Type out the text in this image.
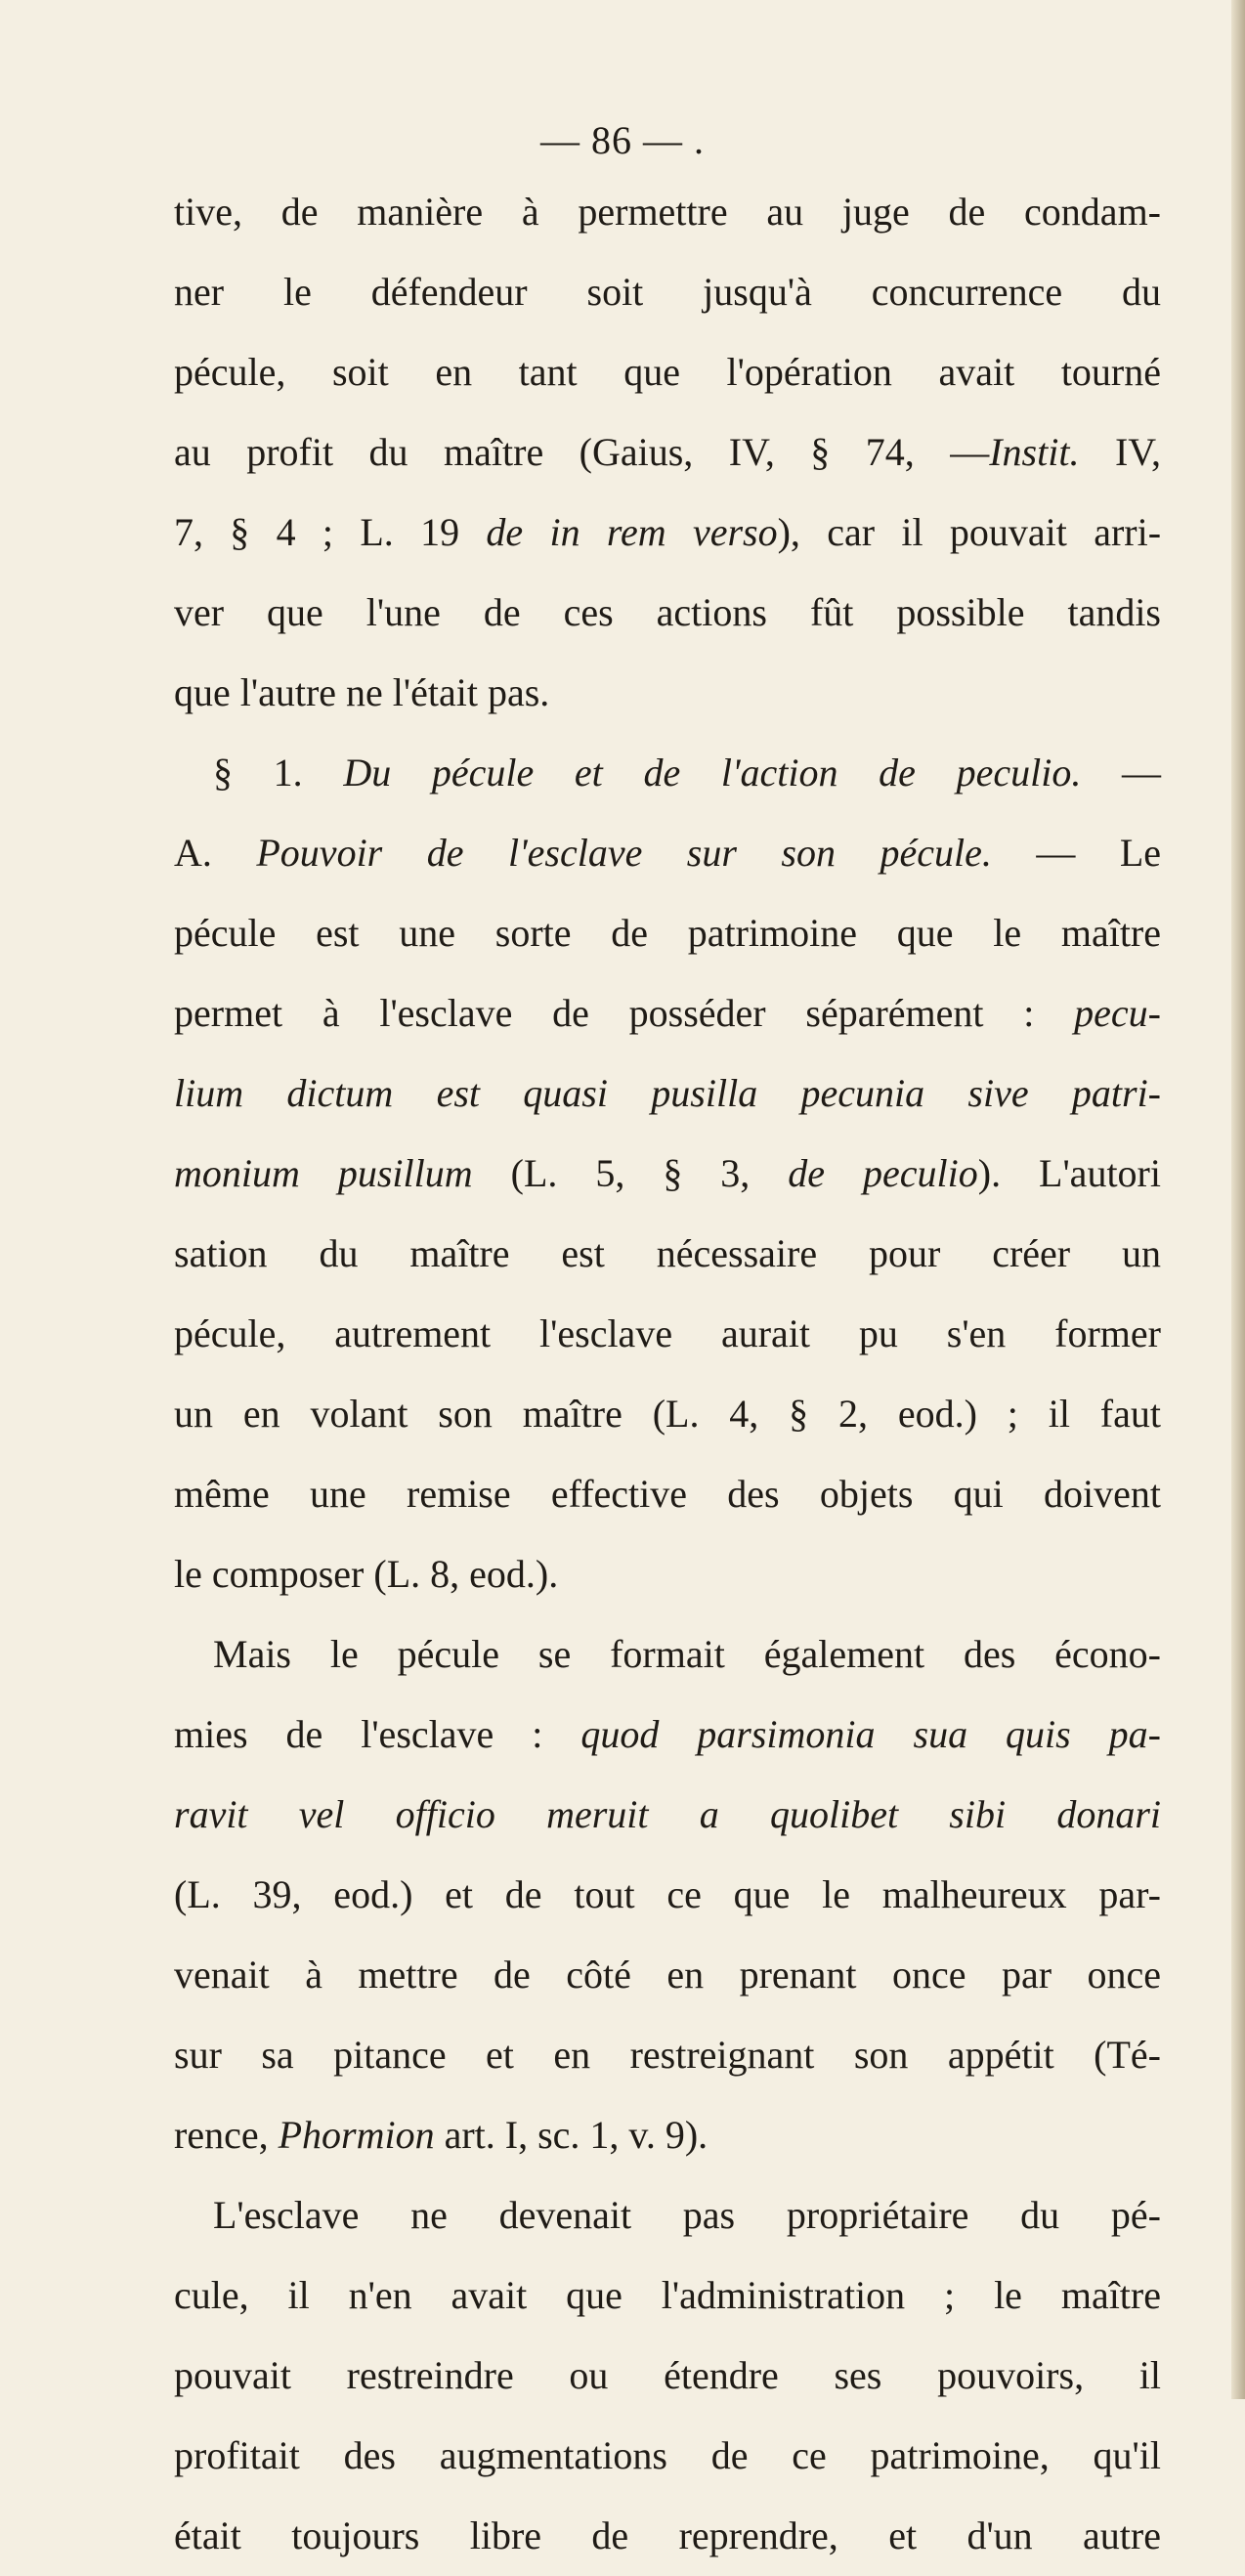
— 86 — .
tive, de manière à permettre au juge de condam-
ner le défendeur soit jusqu'à concurrence du
pécule, soit en tant que l'opération avait tourné
au profit du maître (Gaius, IV, § 74, —Instit. IV,
7, § 4 ; L. 19 de in rem verso), car il pouvait arri-
ver que l'une de ces actions fût possible tandis
que l'autre ne l'était pas.
§ 1. Du pécule et de l'action de peculio. —
A. Pouvoir de l'esclave sur son pécule. — Le
pécule est une sorte de patrimoine que le maître
permet à l'esclave de posséder séparément : pecu-
lium dictum est quasi pusilla pecunia sive patri-
monium pusillum (L. 5, § 3, de peculio). L'autori
sation du maître est nécessaire pour créer un
pécule, autrement l'esclave aurait pu s'en former
un en volant son maître (L. 4, § 2, eod.) ; il faut
même une remise effective des objets qui doivent
le composer (L. 8, eod.).
Mais le pécule se formait également des écono-
mies de l'esclave : quod parsimonia sua quis pa-
ravit vel officio meruit a quolibet sibi donari
(L. 39, eod.) et de tout ce que le malheureux par-
venait à mettre de côté en prenant once par once
sur sa pitance et en restreignant son appétit (Té-
rence, Phormion art. I, sc. 1, v. 9).
L'esclave ne devenait pas propriétaire du pé-
cule, il n'en avait que l'administration ; le maître
pouvait restreindre ou étendre ses pouvoirs, il
profitait des augmentations de ce patrimoine, qu'il
était toujours libre de reprendre, et d'un autre
